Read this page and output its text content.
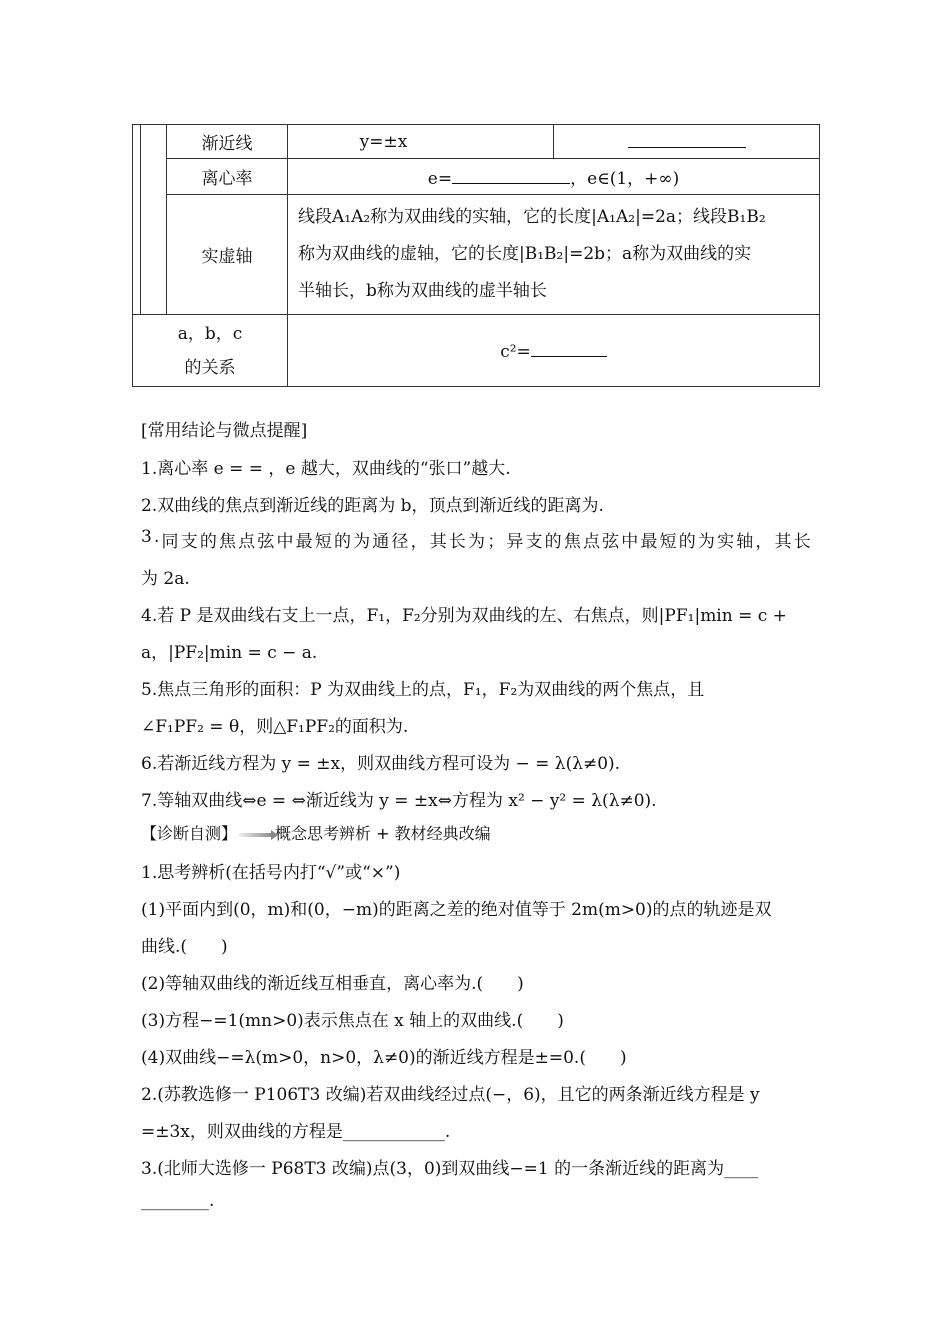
		渐近线	y=±x	
		离心率	e= ，e∈(1，+∞)	
		实虚轴	线段A₁A₂称为双曲线的实轴，它的长度|A₁A₂|=2a；线段B₁B₂
称为双曲线的虚轴，它的长度|B₁B₂|=2b；a称为双曲线的实
半轴长，b称为双曲线的虚半轴长	

a，b，c
的关系			c²=	
[常用结论与微点提醒]
1.离心率 e = = ，e 越大，双曲线的“张口”越大.
2.双曲线的焦点到渐近线的距离为 b，顶点到渐近线的距离为.
3 . 同 支 的 焦 点 弦 中 最 短 的 为 通 径 ， 其 长 为 ； 异 支 的 焦 点 弦 中 最 短 的 为 实 轴 ， 其 长
为 2a.
4.若 P 是双曲线右支上一点，F₁，F₂分别为双曲线的左、右焦点，则|PF₁|min = c +
a，|PF₂|min = c − a.
5.焦点三角形的面积：P 为双曲线上的点，F₁，F₂为双曲线的两个焦点，且
∠F₁PF₂ = θ，则△F₁PF₂的面积为.
6.若渐近线方程为 y = ±x，则双曲线方程可设为 − = λ(λ≠0).
7.等轴双曲线⇔e = ⇔渐近线为 y = ±x⇔方程为 x² − y² = λ(λ≠0).
【诊断自测】 概念思考辨析 + 教材经典改编
1.思考辨析(在括号内打“√”或“×”)
(1)平面内到(0，m)和(0，−m)的距离之差的绝对值等于 2m(m>0)的点的轨迹是双
曲线.(　　)
(2)等轴双曲线的渐近线互相垂直，离心率为.(　　)
(3)方程−=1(mn>0)表示焦点在 x 轴上的双曲线.(　　)
(4)双曲线−=λ(m>0，n>0，λ≠0)的渐近线方程是±=0.(　　)
2.(苏教选修一 P106T3 改编)若双曲线经过点(−，6)，且它的两条渐近线方程是 y
=±3x，则双曲线的方程是____________.
3.(北师大选修一 P68T3 改编)点(3，0)到双曲线−=1 的一条渐近线的距离为____
________.
